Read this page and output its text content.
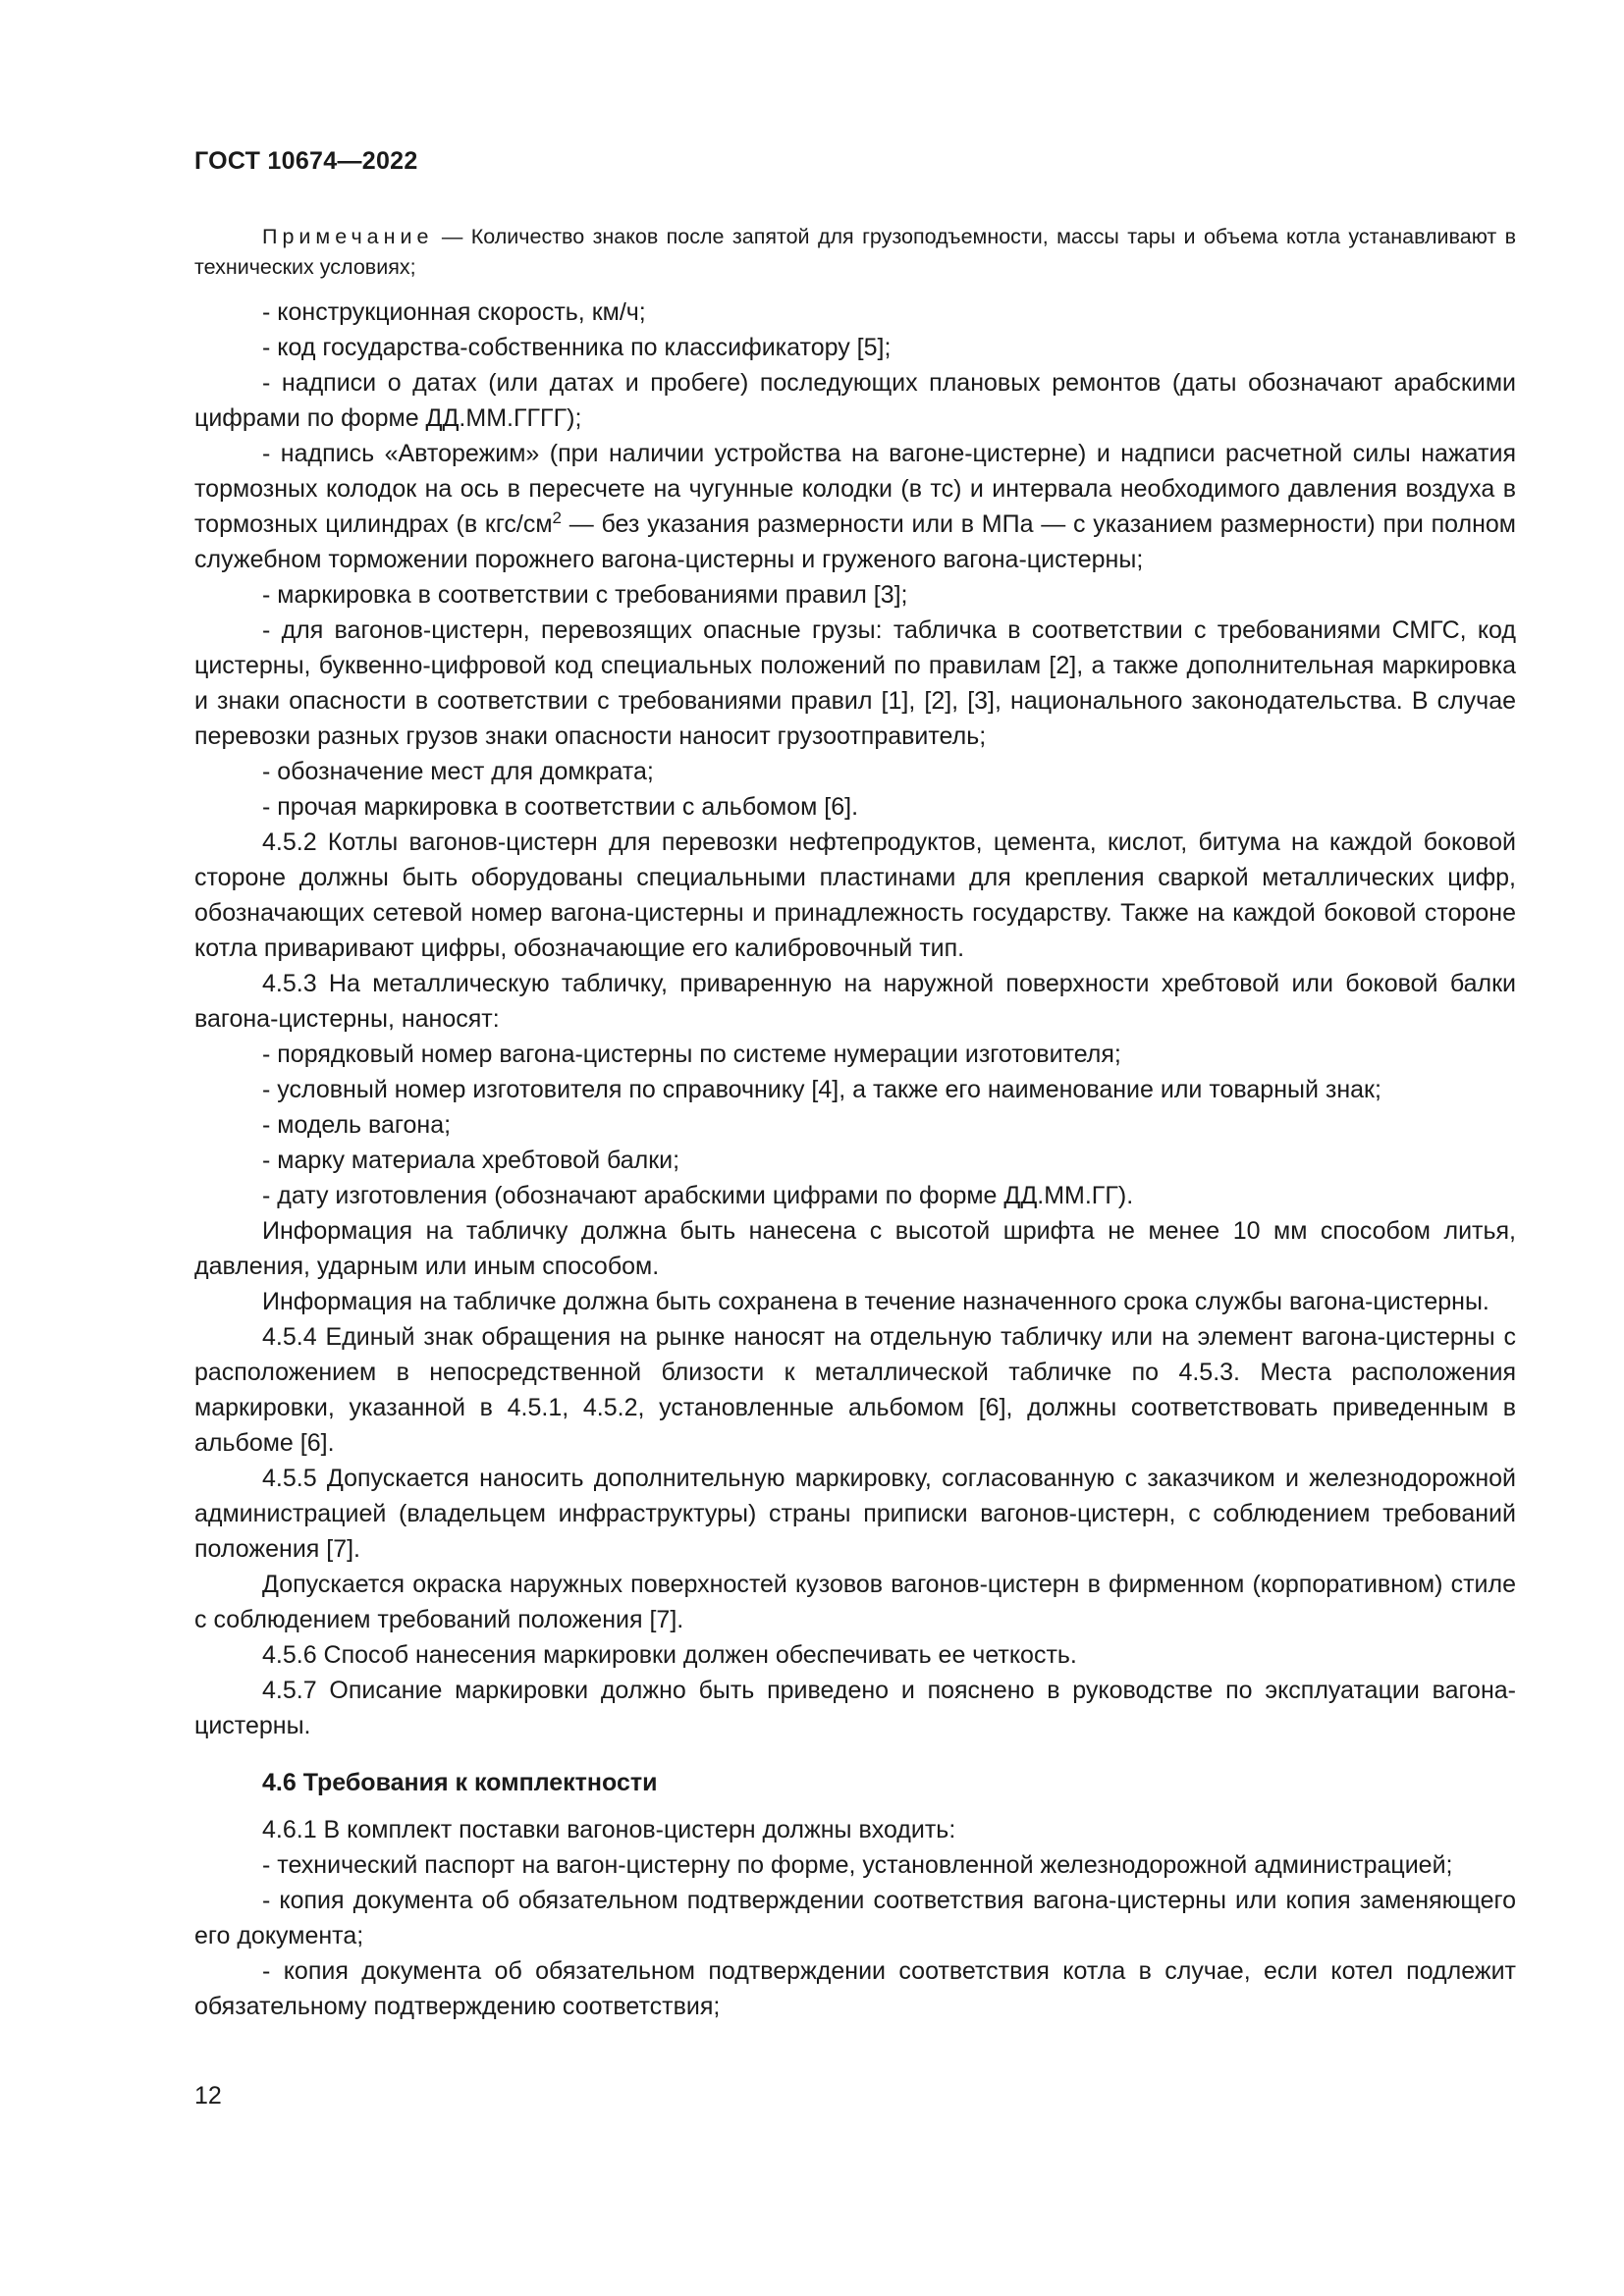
ГОСТ 10674—2022

Примечание — Количество знаков после запятой для грузоподъемности, массы тары и объема котла устанавливают в технических условиях;

- конструкционная скорость, км/ч;

- код государства-собственника по классификатору [5];

- надписи о датах (или датах и пробеге) последующих плановых ремонтов (даты обозначают арабскими цифрами по форме ДД.ММ.ГГГГ);

- надпись «Авторежим» (при наличии устройства на вагоне-цистерне) и надписи расчетной силы нажатия тормозных колодок на ось в пересчете на чугунные колодки (в тс) и интервала необходимого давления воздуха в тормозных цилиндрах (в кгс/$см^2$ — без указания размерности или в МПа — с указанием размерности) при полном служебном торможении порожнего вагона-цистерны и груженого вагона-цистерны;

- маркировка в соответствии с требованиями правил [3];

- для вагонов-цистерн, перевозящих опасные грузы: табличка в соответствии с требованиями СМГС, код цистерны, буквенно-цифровой код специальных положений по правилам [2], а также дополнительная маркировка и знаки опасности в соответствии с требованиями правил [1], [2], [3], национального законодательства. В случае перевозки разных грузов знаки опасности наносит грузоотправитель;

- обозначение мест для домкрата;

- прочая маркировка в соответствии с альбомом [6].

4.5.2 Котлы вагонов-цистерн для перевозки нефтепродуктов, цемента, кислот, битума на каждой боковой стороне должны быть оборудованы специальными пластинами для крепления сваркой металлических цифр, обозначающих сетевой номер вагона-цистерны и принадлежность государству. Также на каждой боковой стороне котла приваривают цифры, обозначающие его калибровочный тип.

4.5.3 На металлическую табличку, приваренную на наружной поверхности хребтовой или боковой балки вагона-цистерны, наносят:

- порядковый номер вагона-цистерны по системе нумерации изготовителя;

- условный номер изготовителя по справочнику [4], а также его наименование или товарный знак;

- модель вагона;

- марку материала хребтовой балки;

- дату изготовления (обозначают арабскими цифрами по форме ДД.ММ.ГГ).

Информация на табличку должна быть нанесена с высотой шрифта не менее 10 мм способом литья, давления, ударным или иным способом.

Информация на табличке должна быть сохранена в течение назначенного срока службы вагона-цистерны.

4.5.4 Единый знак обращения на рынке наносят на отдельную табличку или на элемент вагона-цистерны с расположением в непосредственной близости к металлической табличке по 4.5.3. Места расположения маркировки, указанной в 4.5.1, 4.5.2, установленные альбомом [6], должны соответствовать приведенным в альбоме [6].

4.5.5 Допускается наносить дополнительную маркировку, согласованную с заказчиком и железнодорожной администрацией (владельцем инфраструктуры) страны приписки вагонов-цистерн, с соблюдением требований положения [7].

Допускается окраска наружных поверхностей кузовов вагонов-цистерн в фирменном (корпоративном) стиле с соблюдением требований положения [7].

4.5.6 Способ нанесения маркировки должен обеспечивать ее четкость.

4.5.7 Описание маркировки должно быть приведено и пояснено в руководстве по эксплуатации вагона-цистерны.

4.6 Требования к комплектности

4.6.1 В комплект поставки вагонов-цистерн должны входить:

- технический паспорт на вагон-цистерну по форме, установленной железнодорожной администрацией;

- копия документа об обязательном подтверждении соответствия вагона-цистерны или копия заменяющего его документа;

- копия документа об обязательном подтверждении соответствия котла в случае, если котел подлежит обязательному подтверждению соответствия;

12
